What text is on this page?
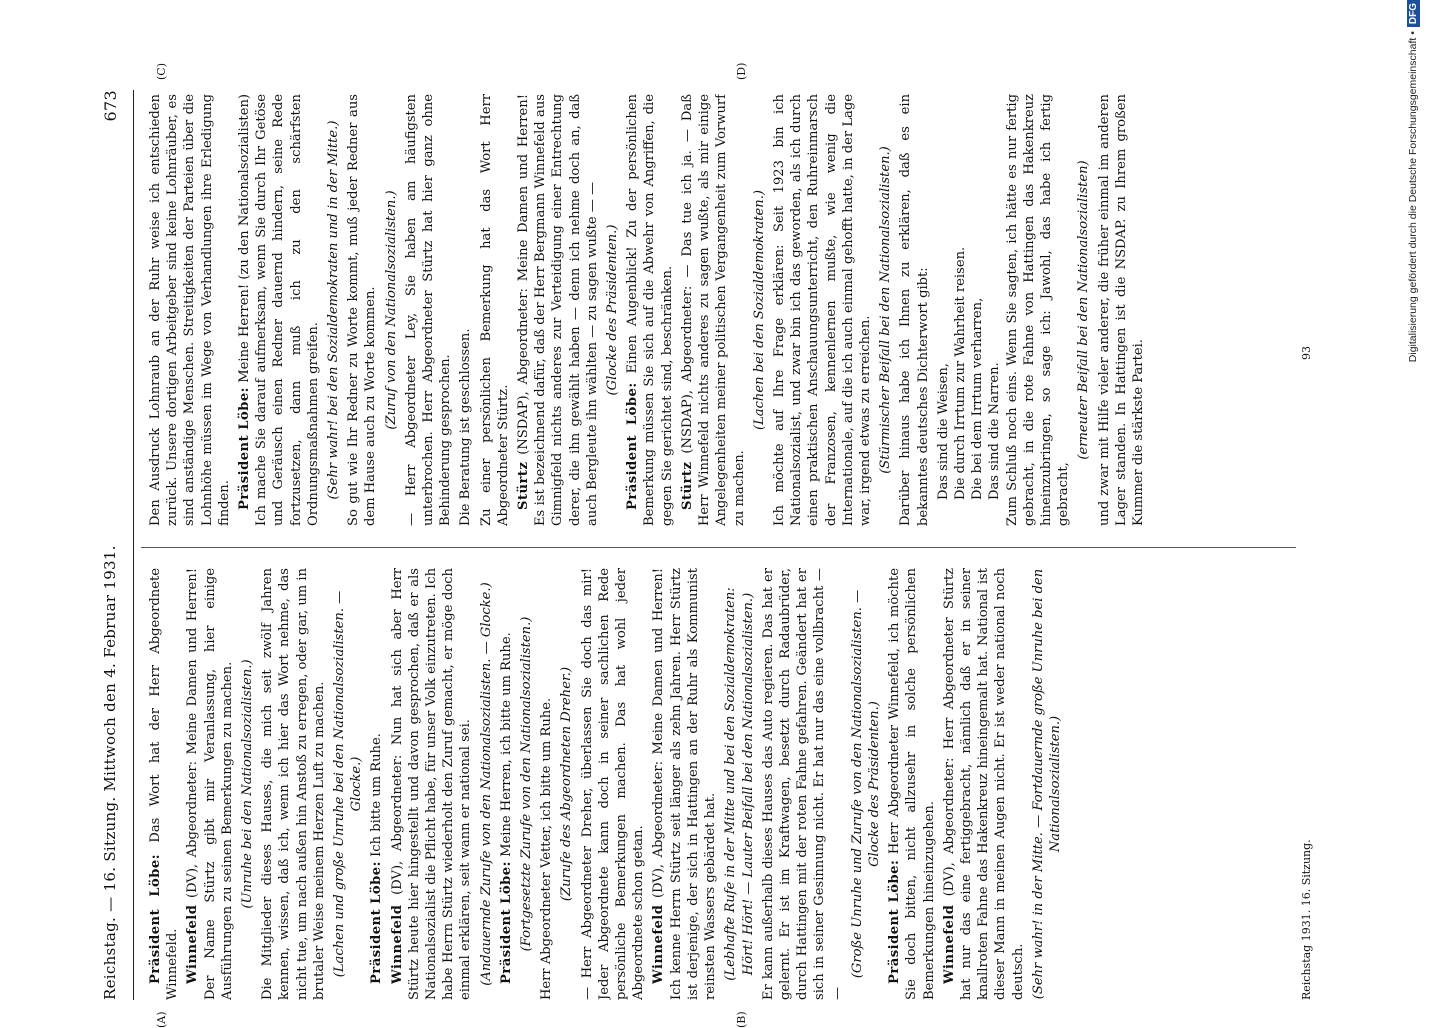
Reichstag. — 16. Sitzung. Mittwoch den 4. Februar 1931.
673
(A)	(B)
(C)	(D)

Präsident Löbe: Das Wort hat der Herr Abgeordnete Winnefeld. Winnefeld (DV), Abgeordneter: Meine Damen und Herren! Der Name Stürtz gibt mir Veranlassung, hier einige Ausführungen zu seinen Bemerkungen zu machen. (Unruhe bei den Nationalsozialisten.) Die Mitglieder dieses Hauses, die mich seit zwölf Jahren kennen, wissen, daß ich, wenn ich hier das Wort nehme, das nicht tue, um nach außen hin Anstoß zu erregen, oder gar, um in brutaler Weise meinem Herzen Luft zu machen. (Lachen und große Unruhe bei den Nationalsozialisten. — Glocke.)

Präsident Löbe: Ich bitte um Ruhe.

Winnefeld (DV), Abgeordneter: Nun hat sich aber Herr Stürtz heute hier hingestellt und davon gesprochen, daß er als Nationalsozialist die Pflicht habe, für unser Volk einzutreten. Ich habe Herrn Stürtz wiederholt den Zuruf gemacht, er möge doch einmal erklären, seit wann er national sei. (Andauernde Zurufe von den Nationalsozialisten. — Glocke.) Präsident Löbe: Meine Herren, ich bitte um Ruhe. (Fortgesetzte Zurufe von den Nationalsozialisten.) Herr Abgeordneter Vetter, ich bitte um Ruhe. (Zurufe des Abgeordneten Dreher.) — Herr Abgeordneter Dreher, überlassen Sie doch das mir! Jeder Abgeordnete kann doch in seiner sachlichen Rede persönliche Bemerkungen machen. Das hat wohl jeder Abgeordnete schon getan. Winnefeld (DV), Abgeordneter: Meine Damen und Herren! Ich kenne Herrn Stürtz seit länger als zehn Jahren. Herr Stürtz ist derjenige, der sich in Hattingen an der Ruhr als Kommunist reinsten Wassers gebärdet hat. (Lebhafte Rufe in der Mitte und bei den Sozialdemokraten: Hört! Hört! — Lauter Beifall bei den Nationalsozialisten.) Er kann außerhalb dieses Hauses das Auto regieren. Das hat er gelernt. Er ist im Kraftwagen, besetzt durch Radaubrüder, durch Hattingen mit der roten Fahne gefahren. Geändert hat er sich in seiner Gesinnung nicht. Er hat nur das eine vollbracht — —

(Große Unruhe und Zurufe von den Nationalsozialisten. — Glocke des Präsidenten.)

Präsident Löbe: Herr Abgeordneter Winnefeld, ich möchte Sie doch bitten, nicht allzusehr in solche persönlichen Bemerkungen hineinzugehen. Winnefeld (DV), Abgeordneter: Herr Abgeordneter Stürtz hat nur das eine fertiggebracht, nämlich daß er in seiner knallroten Fahne das Hakenkreuz hineingemalt hat. National ist dieser Mann in meinen Augen nicht. Er ist weder national noch deutsch. (Sehr wahr! in der Mitte. — Fortdauernde große Unruhe bei den Nationalsozialisten.)

Den Ausdruck Lohnraub an der Ruhr weise ich entschieden zurück. Unsere dortigen Arbeitgeber sind keine Lohnräuber, es sind anständige Menschen. Streitigkeiten der Parteien über die Lohnhöhe müssen im Wege von Verhandlungen ihre Erledigung finden. Präsident Löbe: Meine Herren! (zu den Nationalsozialisten) Ich mache Sie darauf aufmerksam, wenn Sie durch Ihr Getöse und Geräusch einen Redner dauernd hindern, seine Rede fortzusetzen, dann muß ich zu den schärfsten Ordnungsmaßnahmen greifen. (Sehr wahr! bei den Sozialdemokraten und in der Mitte.) So gut wie Ihr Redner zu Worte kommt, muß jeder Redner aus dem Hause auch zu Worte kommen. (Zuruf von den Nationalsozialisten.) — Herr Abgeordneter Ley, Sie haben am häufigsten unterbrochen. Herr Abgeordneter Stürtz hat hier ganz ohne Behinderung gesprochen. Die Beratung ist geschlossen. Zu einer persönlichen Bemerkung hat das Wort Herr Abgeordneter Stürtz. Stürtz (NSDAP), Abgeordneter: Meine Damen und Herren! Es ist bezeichnend dafür, daß der Herr Bergmann Winnefeld aus Gimnigfeld nichts anderes zur Verteidigung einer Entrechtung derer, die ihn gewählt haben — denn ich nehme doch an, daß auch Bergleute ihn wählten — zu sagen wußte — — (Glocke des Präsidenten.)

Präsident Löbe: Einen Augenblick! Zu der persönlichen Bemerkung müssen Sie sich auf die Abwehr von Angriffen, die gegen Sie gerichtet sind, beschränken. Stürtz (NSDAP), Abgeordneter: — Das tue ich ja. — Daß Herr Winnefeld nichts anderes zu sagen wußte, als mir einige Angelegenheiten meiner politischen Vergangenheit zum Vorwurf zu machen.

(Lachen bei den Sozialdemokraten.) Ich möchte auf Ihre Frage erklären: Seit 1923 bin ich Nationalsozialist, und zwar bin ich das geworden, als ich durch einen praktischen Anschauungsunterricht, den Ruhreinmarsch der Franzosen, kennenlernen mußte, wie wenig die Internationale, auf die ich auch einmal gehofft hatte, in der Lage war, irgend etwas zu erreichen. (Stürmischer Beifall bei den Nationalsozialisten.) Darüber hinaus habe ich Ihnen zu erklären, daß es ein bekanntes deutsches Dichterwort gibt: Das sind die Weisen, Die durch Irrtum zur Wahrheit reisen. Die bei dem Irrtum verharren, Das sind die Narren. Zum Schluß noch eins. Wenn Sie sagten, ich hätte es nur fertig gebracht, in die rote Fahne von Hattingen das Hakenkreuz hineinzubringen, so sage ich: Jawohl, das habe ich fertig gebracht,

(erneuter Beifall bei den Nationalsozialisten) und zwar mit Hilfe vieler anderer, die früher einmal im anderen Lager standen. In Hattingen ist die NSDAP. zu Ihrem großen Kummer die stärkste Partei.

Reichstag 1931. 16. Sitzung.
93	Digitalisierung gefördert durch die Deutsche Forschungsgemeinschaft •
DFG
